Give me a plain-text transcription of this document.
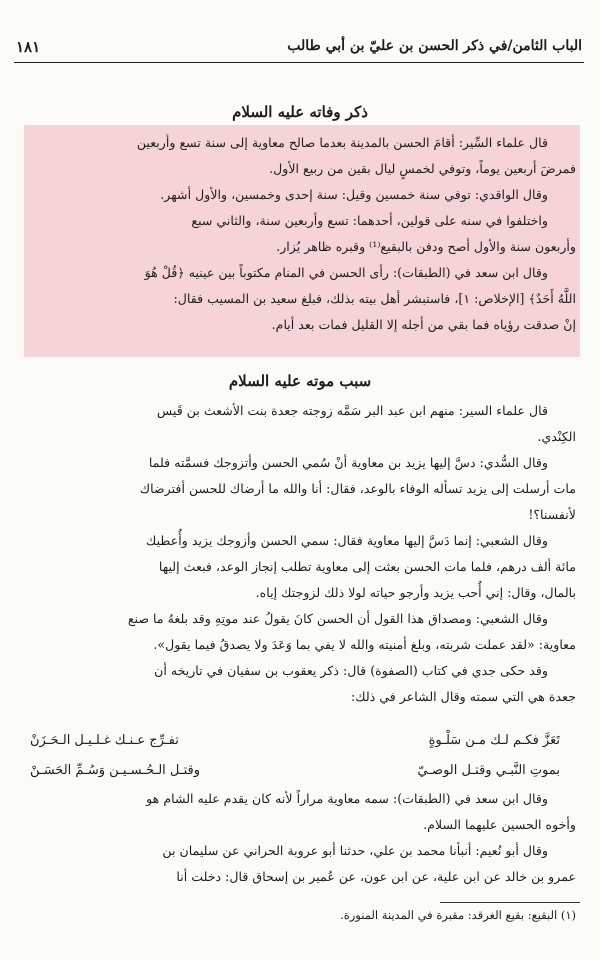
الباب الثامن/في ذكر الحسن بن عليّ بن أبي طالب
١٨١
ذكر وفاته عليه السلام
قال علماء السِّير: أقامَ الحسن بالمدينة بعدما صالح معاوية إلى سنة تسع وأربعين
فمرضَ أربعين يوماً، وتوفي لخمسٍ ليال بقين من ربيع الأول.
وقال الواقدي: توفي سنة خمسين وقيل: سنة إحدى وخمسين، والأول أشهر.
واختلفوا في سنه على قولين، أحدهما: تسع وأربعين سنة، والثاني سبع
وأربعون سنة والأول أصح ودفن بالبقيع⁽¹⁾ وقبره ظاهر يُزار.
وقال ابن سعد في (الطبقات): رأى الحسن في المنام مكتوباً بين عينيه ﴿قُلْ هُوَ
اللَّهُ أَحَدٌ﴾ [الإخلاص: ١]، فاستبشر أهل بيته بذلك، فبلغ سعيد بن المسيب فقال:
إنْ صدقت رؤياه فما بقي من أجله إلا القليل فمات بعد أيام.
سبب موته عليه السلام
قال علماء السير: منهم ابن عبد البر سَمَّه زوجته جعدة بنت الأشعث بن قَيس
الكِنْدي.
وقال السُّدي: دسَّ إليها يزيد بن معاوية أنْ سُمي الحسن وأتزوجك فسمَّته فلما
مات أرسلت إلى يزيد تسأله الوفاء بالوعد، فقال: أنا والله ما أرضاك للحسن أفترضاك
لأنفسنا؟!
وقال الشعبي: إنما دَسَّ إليها معاوية فقال: سمي الحسن وأزوجك يزيد وأُعطيك
مائة ألف درهم، فلما مات الحسن بعثت إلى معاوية تطلب إنجاز الوعد، فبعث إليها
بالمال، وقال: إني أُحب يزيد وأرجو حياته لولا ذلك لزوجتك إياه.
وقال الشعبي: ومصداق هذا القول أن الحسن كانَ يقولُ عند موتِهِ وقد بلغهُ ما صنع
معاوية: «لقد عملت شربته، وبلغ أمنيته والله لا يفي بما وَعَدَ ولا يصدقُ فيما يقول».
وقد حكى جدي في كتاب (الصفوة) قال: ذكر يعقوب بن سفيان في تاريخه أن
جعدة هي التي سمته وقال الشاعر في ذلك:
تَعَزَّ فكـم لـك مـن سَلْـوةٍ
تفـرِّج عـنـك غـلـيـل الـحَـزَنْ
بموتِ النَّبـي وقتـل الوصـيّ
وقتـل الـحُـسـيـن وَسُـمِّ الحَسَـنْ
وقال ابن سعد في (الطبقات): سمه معاوية مراراً لأنه كان يقدم عليه الشام هو
وأخوه الحسين عليهما السلام.
وقال أبو نُعيم: أنبأنا محمد بن علي، حدثنا أبو عروبة الحراني عن سليمان بن
عمرو بن خالد عن ابن علية، عن ابن عون، عن عُمير بن إسحاق قال: دخلت أنا
(١) البقيع: بقيع الغرقد: مقبرة في المدينة المنورة.
